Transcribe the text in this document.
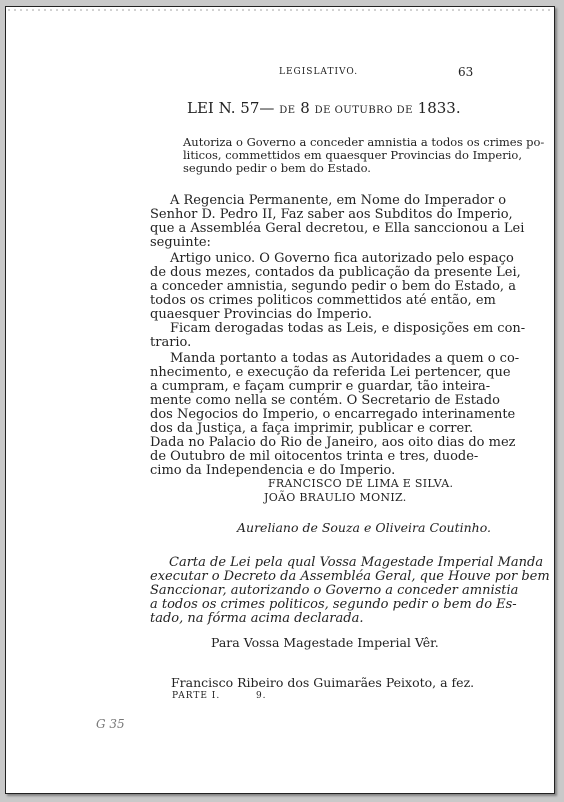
LEGISLATIVO.	63
LEI N. 57— DE 8 DE OUTUBRO DE 1833.
Autoriza o Governo a conceder amnistia a todos os crimes po-
liticos, commettidos em quaesquer Provincias do Imperio,
segundo pedir o bem do Estado.
A Regencia Permanente, em Nome do Imperador o
Senhor D. Pedro II, Faz saber aos Subditos do Imperio,
que a Assembléa Geral decretou, e Ella sanccionou a Lei
seguinte:
Artigo unico. O Governo fica autorizado pelo espaço
de dous mezes, contados da publicação da presente Lei,
a conceder amnistia, segundo pedir o bem do Estado, a
todos os crimes politicos commettidos até então, em
quaesquer Provincias do Imperio.
Ficam derogadas todas as Leis, e disposições em con-
trario.
Manda portanto a todas as Autoridades a quem o co-
nhecimento, e execução da referida Lei pertencer, que
a cumpram, e façam cumprir e guardar, tão inteira-
mente como nella se contém. O Secretario de Estado
dos Negocios do Imperio, o encarregado interinamente
dos da Justiça, a faça imprimir, publicar e correr.
Dada no Palacio do Rio de Janeiro, aos oito dias do mez
de Outubro de mil oitocentos trinta e tres, duode-
cimo da Independencia e do Imperio.
FRANCISCO DE LIMA E SILVA.
JOÃO BRAULIO MONIZ.
Aureliano de Souza e Oliveira Coutinho.
Carta de Lei pela qual Vossa Magestade Imperial Manda
executar o Decreto da Assembléa Geral, que Houve por bem
Sanccionar, autorizando o Governo a conceder amnistia
a todos os crimes politicos, segundo pedir o bem do Es-
tado, na fórma acima declarada.
Para Vossa Magestade Imperial Vêr.
Francisco Ribeiro dos Guimarães Peixoto, a fez.
PARTE I.	9.
G 35
